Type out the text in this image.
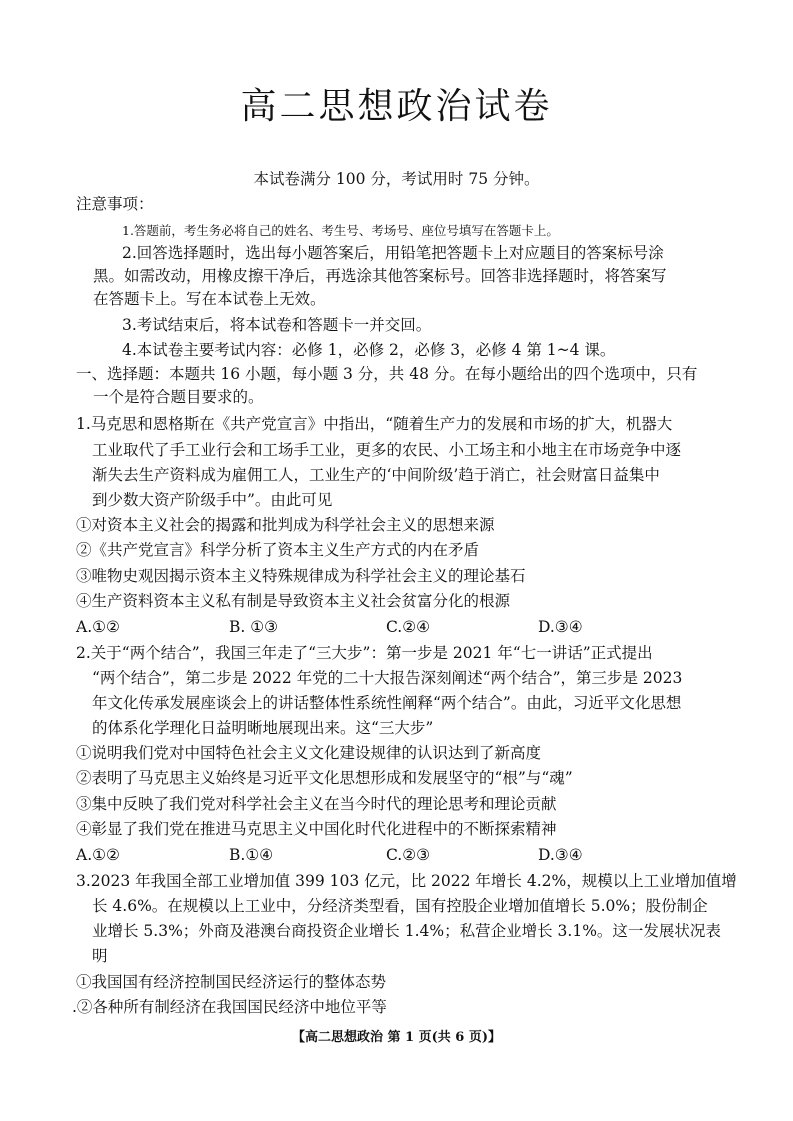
高二思想政治试卷
本试卷满分 100 分，考试用时 75 分钟。
注意事项：
1.答题前，考生务必将自己的姓名、考生号、考场号、座位号填写在答题卡上。
2.回答选择题时，选出每小题答案后，用铅笔把答题卡上对应题目的答案标号涂
黑。如需改动，用橡皮擦干净后，再选涂其他答案标号。回答非选择题时，将答案写
在答题卡上。写在本试卷上无效。
3.考试结束后，将本试卷和答题卡一并交回。
4.本试卷主要考试内容：必修 1，必修 2，必修 3，必修 4 第 1~4 课。
一、选择题：本题共 16 小题，每小题 3 分，共 48 分。在每小题给出的四个选项中，只有
一个是符合题目要求的。
1.马克思和恩格斯在《共产党宣言》中指出，“随着生产力的发展和市场的扩大，机器大
工业取代了手工业行会和工场手工业，更多的农民、小工场主和小地主在市场竞争中逐
渐失去生产资料成为雇佣工人，工业生产的‘中间阶级’趋于消亡，社会财富日益集中
到少数大资产阶级手中”。由此可见
①对资本主义社会的揭露和批判成为科学社会主义的思想来源
②《共产党宣言》科学分析了资本主义生产方式的内在矛盾
③唯物史观因揭示资本主义特殊规律成为科学社会主义的理论基石
④生产资料资本主义私有制是导致资本主义社会贫富分化的根源
A.①②	B. ①③	C.②④	D.③④
2.关于“两个结合”，我国三年走了“三大步”：第一步是 2021 年“七一讲话”正式提出
“两个结合”，第二步是 2022 年党的二十大报告深刻阐述“两个结合”，第三步是 2023
年文化传承发展座谈会上的讲话整体性系统性阐释“两个结合”。由此，习近平文化思想
的体系化学理化日益明晰地展现出来。这“三大步”
①说明我们党对中国特色社会主义文化建设规律的认识达到了新高度
②表明了马克思主义始终是习近平文化思想形成和发展坚守的“根”与“魂”
③集中反映了我们党对科学社会主义在当今时代的理论思考和理论贡献
④彰显了我们党在推进马克思主义中国化时代化进程中的不断探索精神
A.①②	B.①④	C.②③	D.③④
3.2023 年我国全部工业增加值 399 103 亿元，比 2022 年增长 4.2%，规模以上工业增加值增
长 4.6%。在规模以上工业中，分经济类型看，国有控股企业增加值增长 5.0%；股份制企
业增长 5.3%；外商及港澳台商投资企业增长 1.4%；私营企业增长 3.1%。这一发展状况表
明
①我国国有经济控制国民经济运行的整体态势
.②各种所有制经济在我国国民经济中地位平等
【高二思想政治 第 1 页(共 6 页)】
